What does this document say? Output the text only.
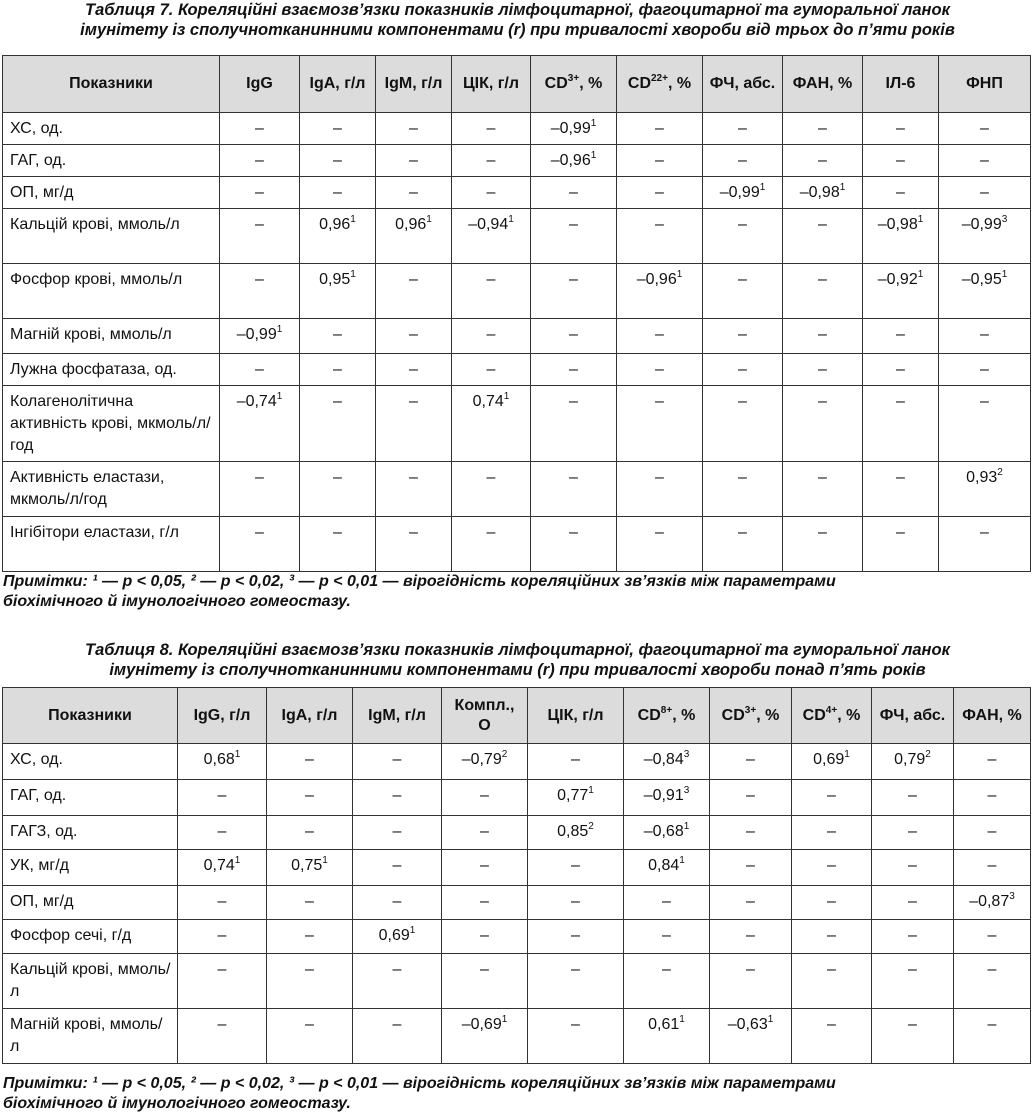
Таблиця 7. Кореляційні взаємозв’язки показників лімфоцитарної, фагоцитарної та гуморальної ланок
імунітету із сполучнотканинними компонентами (r) при тривалості хвороби від трьох до п’яти років
Показники	IgG	IgA, г/л	IgM, г/л	ЦІК, г/л	$CD^{3+}$, %	$CD^{22+}$, %	ФЧ, абс.	ФАН, %	ІЛ-6	ФНП
ХС, од.	–	–	–	–	–0,99$^1$	–	–	–	–	–
ГАГ, од.	–	–	–	–	–0,96$^1$	–	–	–	–	–
ОП, мг/д	–	–	–	–	–	–	–0,99$^1$	–0,98$^1$	–	–
Кальцій крові, ммоль/л	–	0,96$^1$	0,96$^1$	–0,94$^1$	–	–	–	–	–0,98$^1$	–0,99$^3$
Фосфор крові, ммоль/л	–	0,95$^1$	–	–	–	–0,96$^1$	–	–	–0,92$^1$	–0,95$^1$
Магній крові, ммоль/л	–0,99$^1$	–	–	–	–	–	–	–	–	–
Лужна фосфатаза, од.	–	–	–	–	–	–	–	–	–	–
Колагенолітична активність крові, мкмоль/л/год	–0,74$^1$	–	–	0,74$^1$	–	–	–	–	–	–
Активність еластази, мкмоль/л/год	–	–	–	–	–	–	–	–	–	0,93$^2$
Інгібітори еластази, г/л	–	–	–	–	–	–	–	–	–	–
Примітки: ¹ — р < 0,05, ² — р < 0,02, ³ — р < 0,01 — вірогідність кореляційних зв’язків між параметрами
біохімічного й імунологічного гомеостазу.
Таблиця 8. Кореляційні взаємозв’язки показників лімфоцитарної, фагоцитарної та гуморальної ланок
імунітету із сполучнотканинними компонентами (r) при тривалості хвороби понад п’ять років
Показники	IgG, г/л	IgA, г/л	IgM, г/л	Компл., O	ЦІК, г/л	$CD^{8+}$, %	$CD^{3+}$, %	$CD^{4+}$, %	ФЧ, абс.	ФАН, %
ХС, од.	0,68$^1$	–	–	–0,79$^2$	–	–0,84$^3$	–	0,69$^1$	0,79$^2$	–
ГАГ, од.	–	–	–	–	0,77$^1$	–0,91$^3$	–	–	–	–
ГАГЗ, од.	–	–	–	–	0,85$^2$	–0,68$^1$	–	–	–	–
УК, мг/д	0,74$^1$	0,75$^1$	–	–	–	0,84$^1$	–	–	–	–
ОП, мг/д	–	–	–	–	–	–	–	–	–	–0,87$^3$
Фосфор сечі, г/д	–	–	0,69$^1$	–	–	–	–	–	–	–
Кальцій крові, ммоль/л	–	–	–	–	–	–	–	–	–	–
Магній крові, ммоль/л	–	–	–	–0,69$^1$	–	0,61$^1$	–0,63$^1$	–	–	–
Примітки: ¹ — р < 0,05, ² — р < 0,02, ³ — р < 0,01 — вірогідність кореляційних зв’язків між параметрами
біохімічного й імунологічного гомеостазу.
